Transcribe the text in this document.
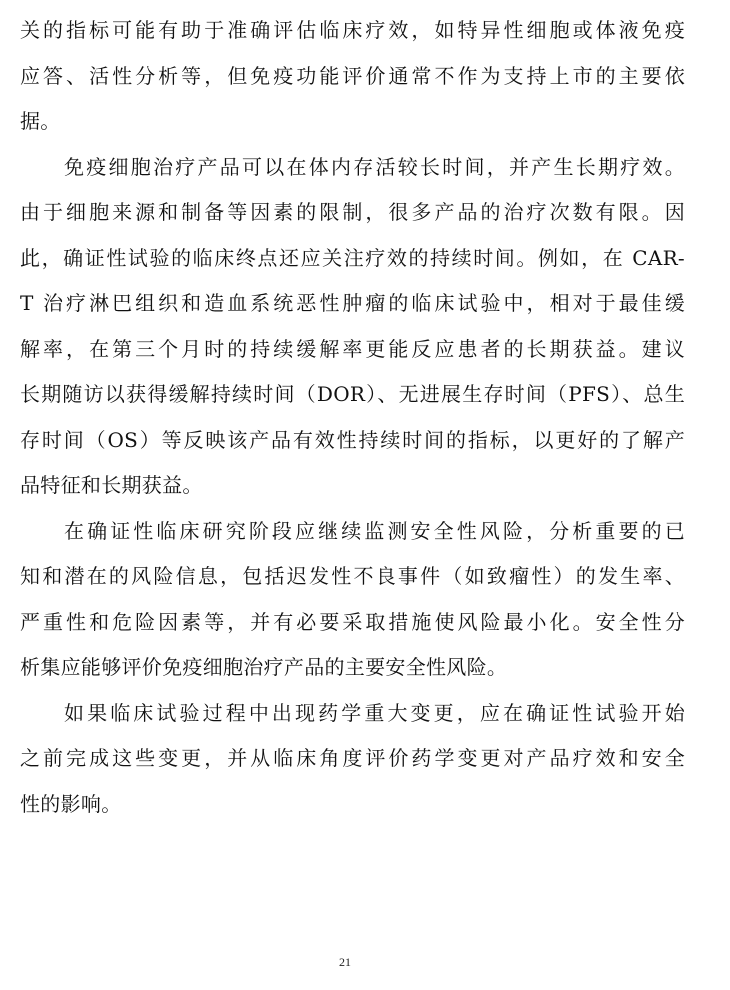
关的指标可能有助于准确评估临床疗效，如特异性细胞或体液免疫
应答、活性分析等，但免疫功能评价通常不作为支持上市的主要依
据。
免疫细胞治疗产品可以在体内存活较长时间，并产生长期疗效。
由于细胞来源和制备等因素的限制，很多产品的治疗次数有限。因
此，确证性试验的临床终点还应关注疗效的持续时间。例如，在 CAR-
T 治疗淋巴组织和造血系统恶性肿瘤的临床试验中，相对于最佳缓
解率，在第三个月时的持续缓解率更能反应患者的长期获益。建议
长期随访以获得缓解持续时间（DOR）、无进展生存时间（PFS）、总生
存时间（OS）等反映该产品有效性持续时间的指标，以更好的了解产
品特征和长期获益。
在确证性临床研究阶段应继续监测安全性风险，分析重要的已
知和潜在的风险信息，包括迟发性不良事件（如致瘤性）的发生率、
严重性和危险因素等，并有必要采取措施使风险最小化。安全性分
析集应能够评价免疫细胞治疗产品的主要安全性风险。
如果临床试验过程中出现药学重大变更，应在确证性试验开始
之前完成这些变更，并从临床角度评价药学变更对产品疗效和安全
性的影响。
21
